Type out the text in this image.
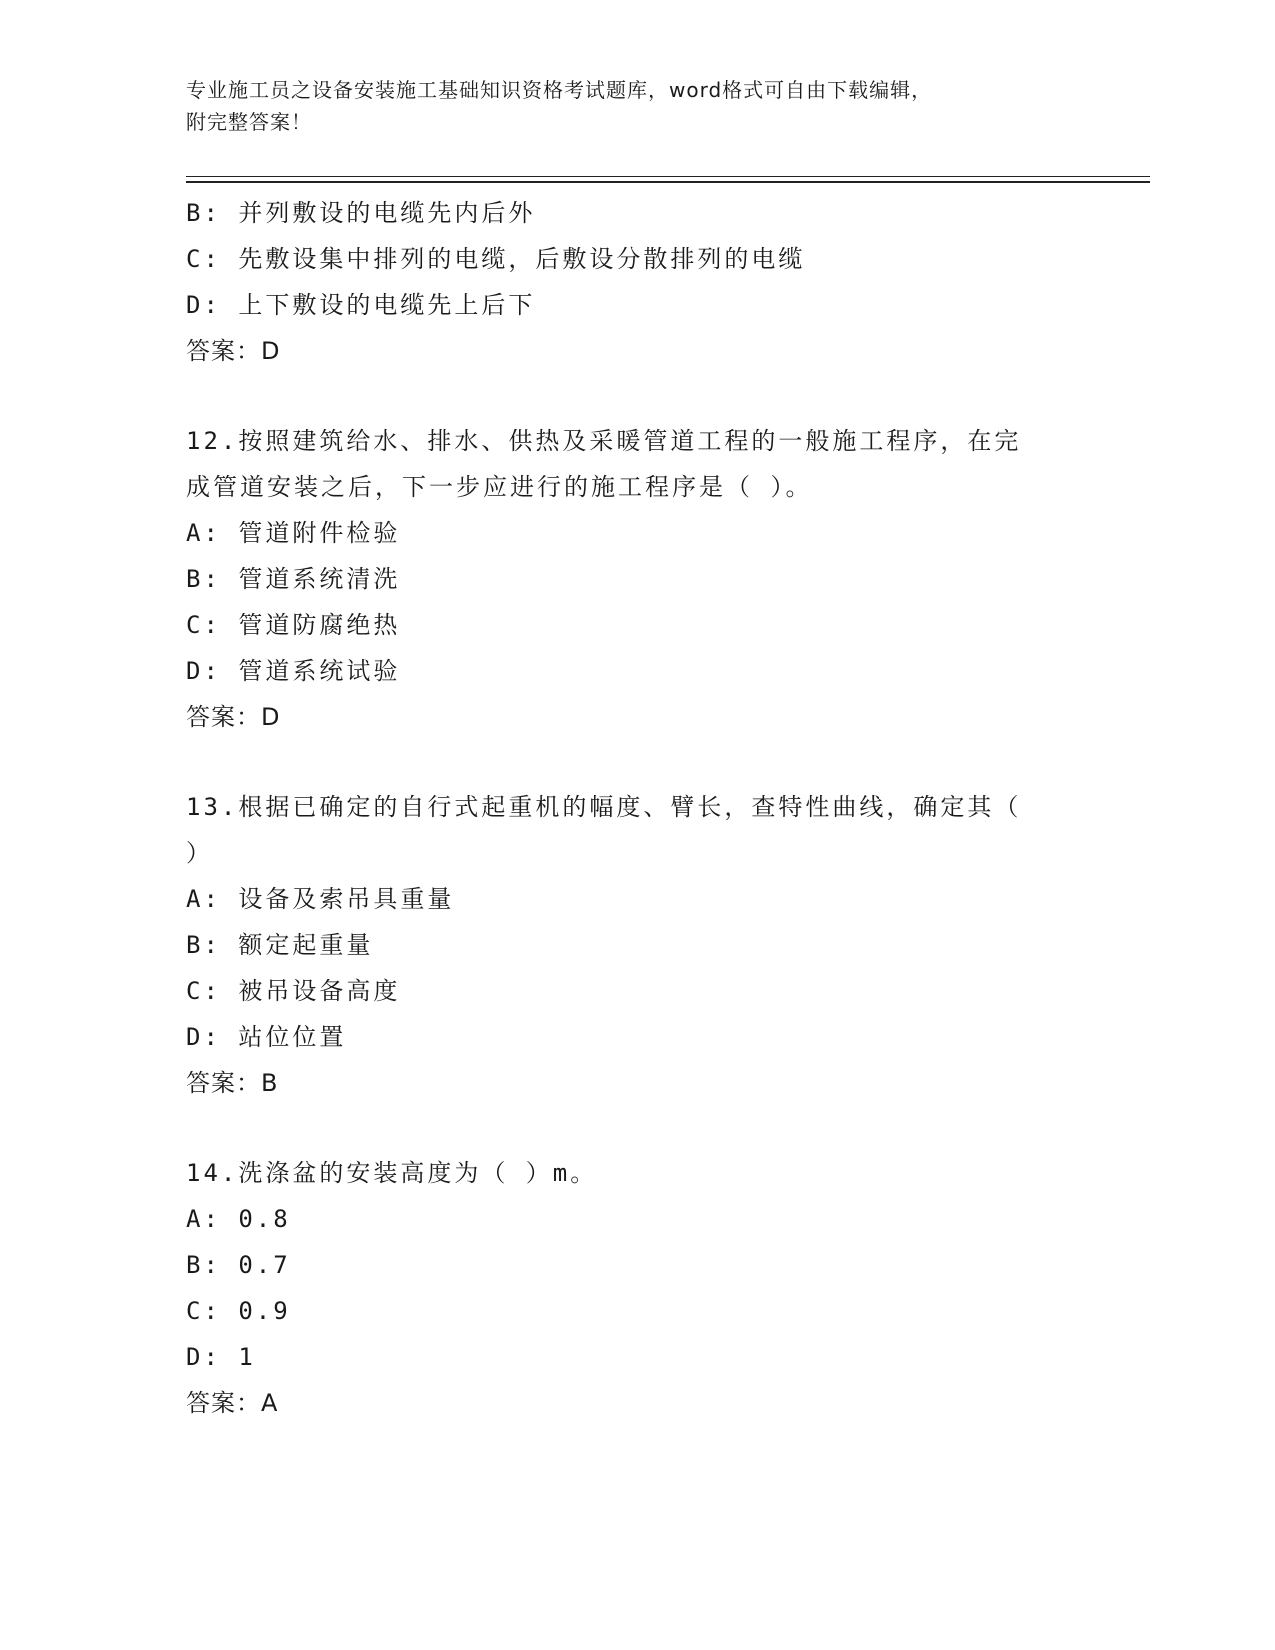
专业施工员之设备安装施工基础知识资格考试题库，word格式可自由下载编辑，
附完整答案！
B: 并列敷设的电缆先内后外
C: 先敷设集中排列的电缆，后敷设分散排列的电缆
D: 上下敷设的电缆先上后下
答案：D
12.按照建筑给水、排水、供热及采暖管道工程的一般施工程序，在完
成管道安装之后，下一步应进行的施工程序是（ ）。
A: 管道附件检验
B: 管道系统清洗
C: 管道防腐绝热
D: 管道系统试验
答案：D
13.根据已确定的自行式起重机的幅度、臂长，查特性曲线，确定其（
）
A: 设备及索吊具重量
B: 额定起重量
C: 被吊设备高度
D: 站位位置
答案：B
14.洗涤盆的安装高度为（ ）m。
A: 0.8
B: 0.7
C: 0.9
D: 1
答案：A
